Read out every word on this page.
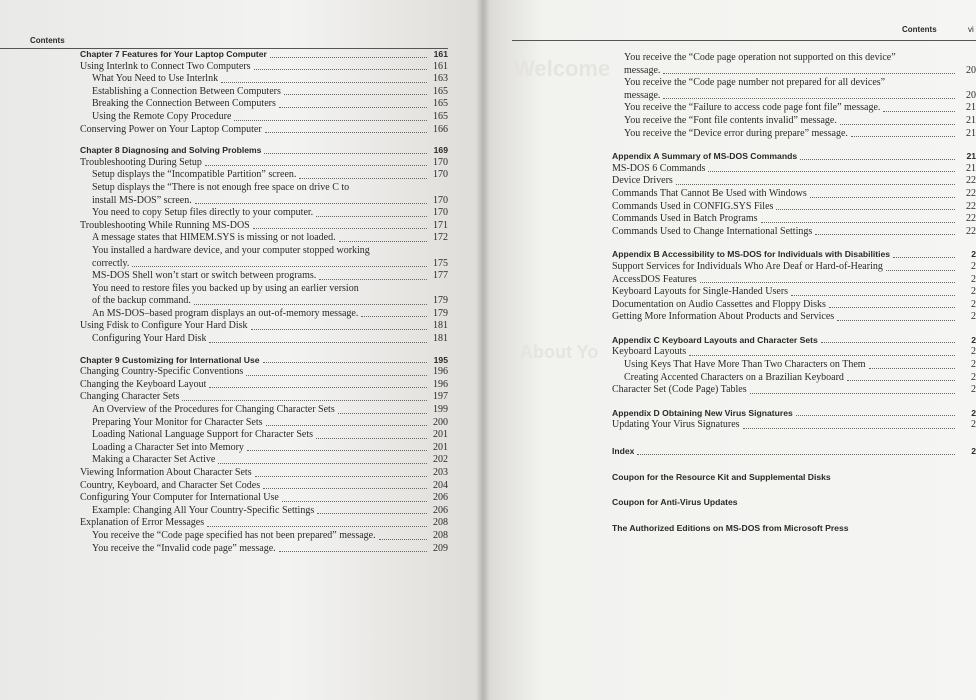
Contents
Chapter 7 Features for Your Laptop Computer	161
Using Interlnk to Connect Two Computers	161
What You Need to Use Interlnk	163
Establishing a Connection Between Computers	165
Breaking the Connection Between Computers	165
Using the Remote Copy Procedure	165
Conserving Power on Your Laptop Computer	166
Chapter 8 Diagnosing and Solving Problems	169
Troubleshooting During Setup	170
Setup displays the “Incompatible Partition” screen.	170
Setup displays the “There is not enough free space on drive C to
install MS-DOS” screen.	170
You need to copy Setup files directly to your computer.	170
Troubleshooting While Running MS-DOS	171
A message states that HIMEM.SYS is missing or not loaded.	172
You installed a hardware device, and your computer stopped working
correctly.	175
MS-DOS Shell won’t start or switch between programs.	177
You need to restore files you backed up by using an earlier version
of the backup command.	179
An MS-DOS–based program displays an out-of-memory message.	179
Using Fdisk to Configure Your Hard Disk	181
Configuring Your Hard Disk	181
Chapter 9 Customizing for International Use	195
Changing Country-Specific Conventions	196
Changing the Keyboard Layout	196
Changing Character Sets	197
An Overview of the Procedures for Changing Character Sets	199
Preparing Your Monitor for Character Sets	200
Loading National Language Support for Character Sets	201
Loading a Character Set into Memory	201
Making a Character Set Active	202
Viewing Information About Character Sets	203
Country, Keyboard, and Character Set Codes	204
Configuring Your Computer for International Use	206
Example: Changing All Your Country-Specific Settings	206
Explanation of Error Messages	208
You receive the “Code page specified has not been prepared” message.	208
You receive the “Invalid code page” message.	209
Welcome
About Yo
Contents	vi
You receive the “Code page operation not supported on this device”
message.	20
You receive the “Code page number not prepared for all devices”
message.	20
You receive the “Failure to access code page font file” message.	21
You receive the “Font file contents invalid” message.	21
You receive the “Device error during prepare” message.	21
Appendix A Summary of MS-DOS Commands	21
MS-DOS 6 Commands	21
Device Drivers	22
Commands That Cannot Be Used with Windows	22
Commands Used in CONFIG.SYS Files	22
Commands Used in Batch Programs	22
Commands Used to Change International Settings	22
Appendix B Accessibility to MS-DOS for Individuals with Disabilities	2
Support Services for Individuals Who Are Deaf or Hard-of-Hearing	2
AccessDOS Features	2
Keyboard Layouts for Single-Handed Users	2
Documentation on Audio Cassettes and Floppy Disks	2
Getting More Information About Products and Services	2
Appendix C Keyboard Layouts and Character Sets	2
Keyboard Layouts	2
Using Keys That Have More Than Two Characters on Them	2
Creating Accented Characters on a Brazilian Keyboard	2
Character Set (Code Page) Tables	2
Appendix D Obtaining New Virus Signatures	2
Updating Your Virus Signatures	2
Index	2
Coupon for the Resource Kit and Supplemental Disks
Coupon for Anti-Virus Updates
The Authorized Editions on MS-DOS from Microsoft Press
